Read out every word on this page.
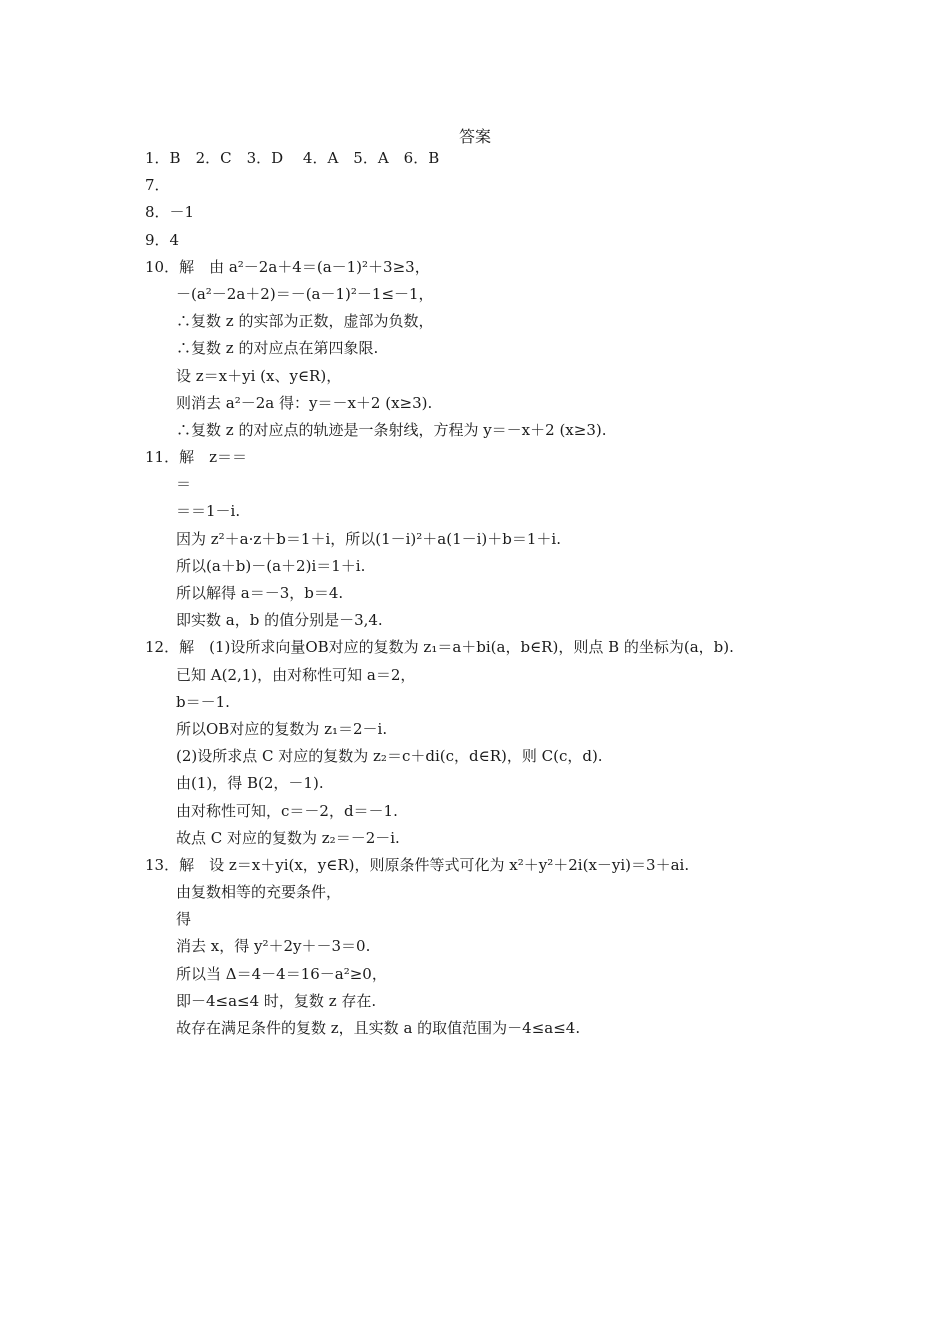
答案
1．B　2．C　3．D　 4．A　5．A　6．B
7．
8．－1
9．4
10．解　由 a²－2a＋4＝(a－1)²＋3≥3，
－(a²－2a＋2)＝－(a－1)²－1≤－1，
∴复数 z 的实部为正数，虚部为负数，
∴复数 z 的对应点在第四象限.
设 z＝x＋yi (x、y∈R)，
则消去 a²－2a 得：y＝－x＋2 (x≥3).
∴复数 z 的对应点的轨迹是一条射线，方程为 y＝－x＋2 (x≥3).
11．解　z＝＝
＝
＝＝1－i.
因为 z²＋a·z＋b＝1＋i，所以(1－i)²＋a(1－i)＋b＝1＋i.
所以(a＋b)－(a＋2)i＝1＋i.
所以解得 a＝－3，b＝4.
即实数 a，b 的值分别是－3,4.
12．解　(1)设所求向量OB对应的复数为 z₁＝a＋bi(a，b∈R)，则点 B 的坐标为(a，b).
已知 A(2,1)，由对称性可知 a＝2，
b＝－1.
所以OB对应的复数为 z₁＝2－i.
(2)设所求点 C 对应的复数为 z₂＝c＋di(c，d∈R)，则 C(c，d).
由(1)，得 B(2，－1).
由对称性可知，c＝－2，d＝－1.
故点 C 对应的复数为 z₂＝－2－i.
13．解　设 z＝x＋yi(x，y∈R)，则原条件等式可化为 x²＋y²＋2i(x－yi)＝3＋ai.
由复数相等的充要条件，
得
消去 x，得 y²＋2y＋－3＝0.
所以当 Δ＝4－4＝16－a²≥0，
即－4≤a≤4 时，复数 z 存在.
故存在满足条件的复数 z，且实数 a 的取值范围为－4≤a≤4.
